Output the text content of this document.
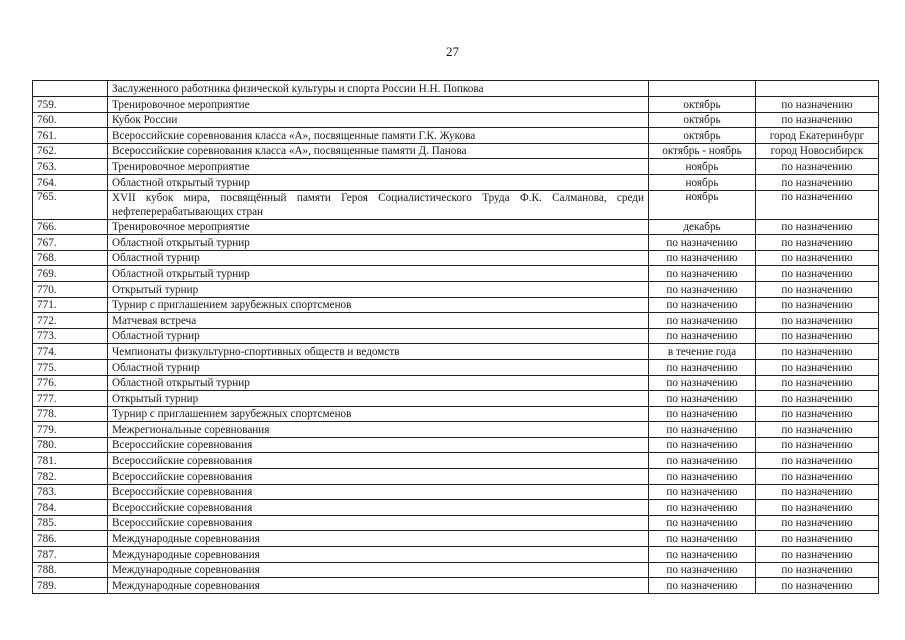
27
	Заслуженного работника физической культуры и спорта России Н.Н. Попкова		
759.	Тренировочное мероприятие	октябрь	по назначению
760.	Кубок России	октябрь	по назначению
761.	Всероссийские соревнования класса «А», посвященные памяти Г.К. Жукова	октябрь	город Екатеринбург
762.	Всероссийские соревнования класса «А», посвященные памяти Д. Панова	октябрь - ноябрь	город Новосибирск
763.	Тренировочное мероприятие	ноябрь	по назначению
764.	Областной открытый турнир	ноябрь	по назначению
765.	XVII кубок мира, посвящённый памяти Героя Социалистического Труда Ф.К. Салманова, среди нефтеперерабатывающих стран	ноябрь	по назначению
766.	Тренировочное мероприятие	декабрь	по назначению
767.	Областной открытый турнир	по назначению	по назначению
768.	Областной турнир	по назначению	по назначению
769.	Областной открытый турнир	по назначению	по назначению
770.	Открытый турнир	по назначению	по назначению
771.	Турнир с приглашением зарубежных спортсменов	по назначению	по назначению
772.	Матчевая встреча	по назначению	по назначению
773.	Областной турнир	по назначению	по назначению
774.	Чемпионаты физкультурно-спортивных обществ и ведомств	в течение года	по назначению
775.	Областной турнир	по назначению	по назначению
776.	Областной открытый турнир	по назначению	по назначению
777.	Открытый турнир	по назначению	по назначению
778.	Турнир с приглашением зарубежных спортсменов	по назначению	по назначению
779.	Межрегиональные соревнования	по назначению	по назначению
780.	Всероссийские соревнования	по назначению	по назначению
781.	Всероссийские соревнования	по назначению	по назначению
782.	Всероссийские соревнования	по назначению	по назначению
783.	Всероссийские соревнования	по назначению	по назначению
784.	Всероссийские соревнования	по назначению	по назначению
785.	Всероссийские соревнования	по назначению	по назначению
786.	Международные соревнования	по назначению	по назначению
787.	Международные соревнования	по назначению	по назначению
788.	Международные соревнования	по назначению	по назначению
789.	Международные соревнования	по назначению	по назначению
